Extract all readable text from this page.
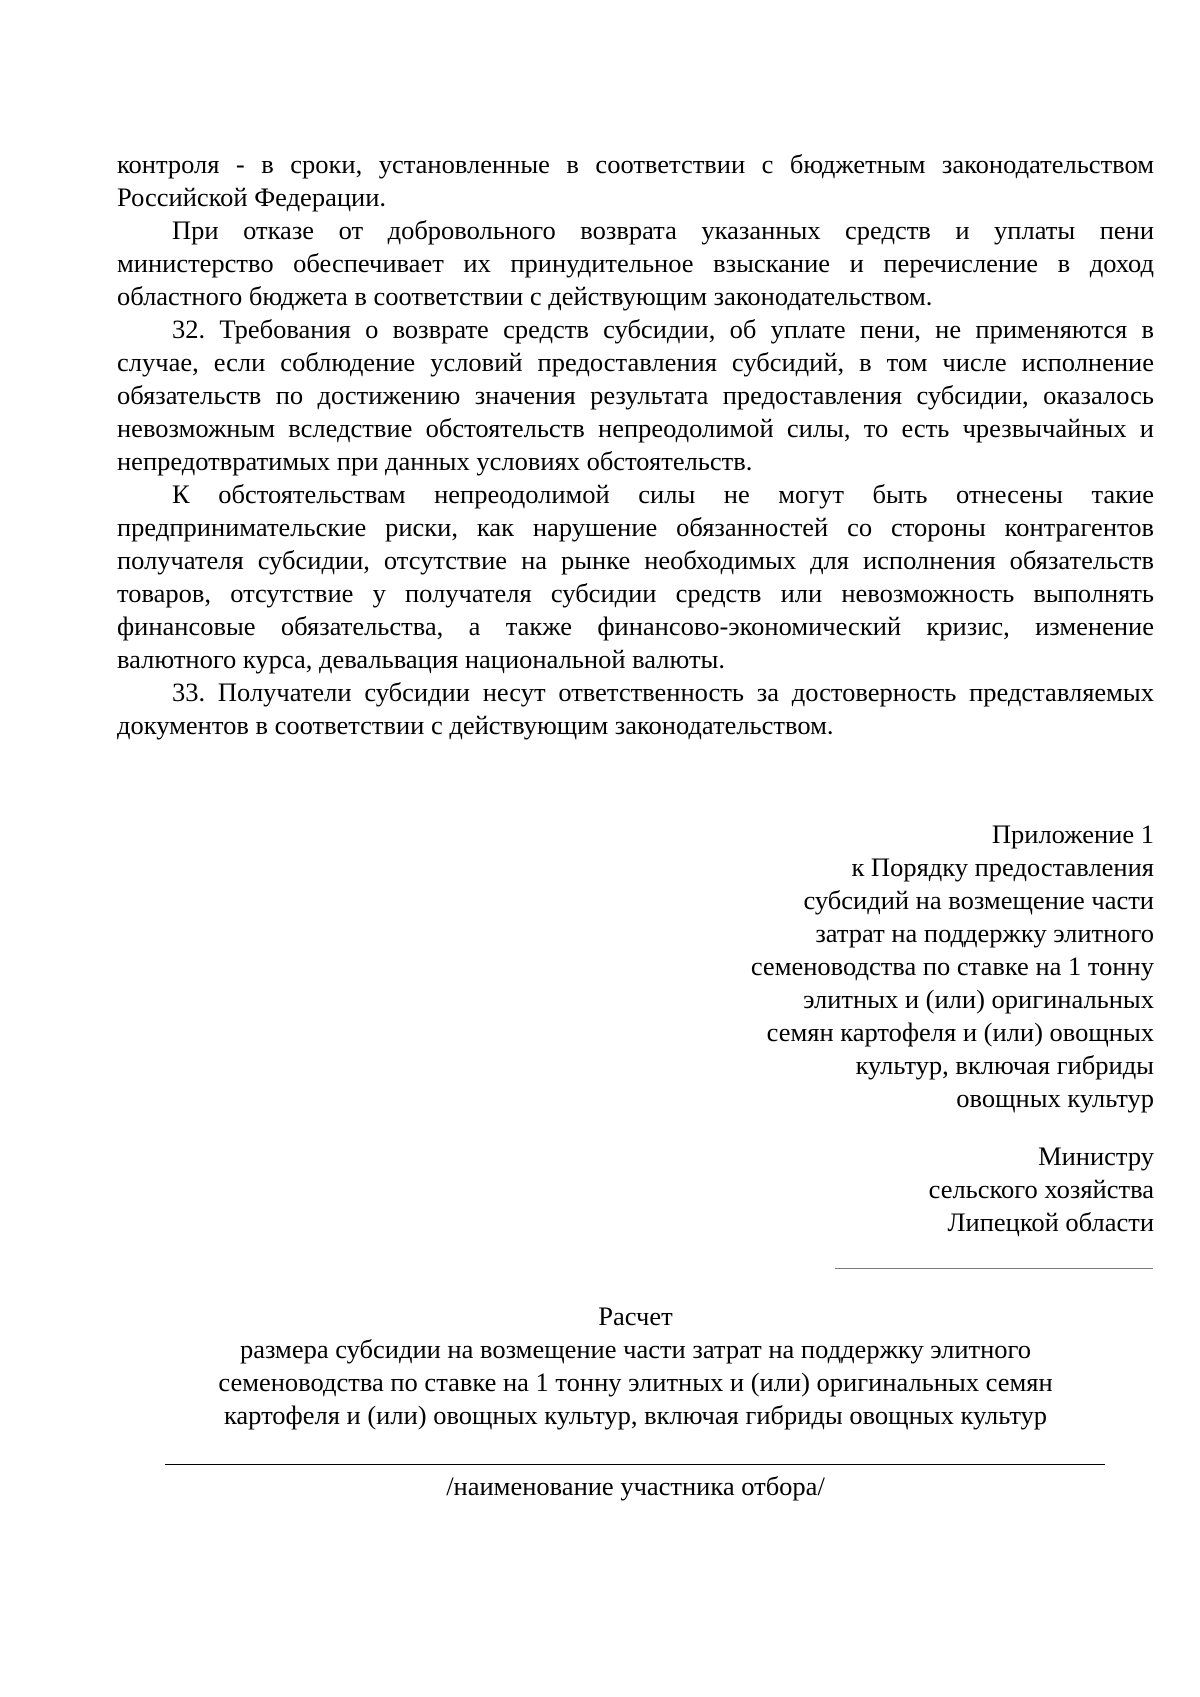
контроля - в сроки, установленные в соответствии с бюджетным законодательством Российской Федерации.

При отказе от добровольного возврата указанных средств и уплаты пени министерство обеспечивает их принудительное взыскание и перечисление в доход областного бюджета в соответствии с действующим законодательством.

32. Требования о возврате средств субсидии, об уплате пени, не применяются в случае, если соблюдение условий предоставления субсидий, в том числе исполнение обязательств по достижению значения результата предоставления субсидии, оказалось невозможным вследствие обстоятельств непреодолимой силы, то есть чрезвычайных и непредотвратимых при данных условиях обстоятельств.

К обстоятельствам непреодолимой силы не могут быть отнесены такие предпринимательские риски, как нарушение обязанностей со стороны контрагентов получателя субсидии, отсутствие на рынке необходимых для исполнения обязательств товаров, отсутствие у получателя субсидии средств или невозможность выполнять финансовые обязательства, а также финансово-экономический кризис, изменение валютного курса, девальвация национальной валюты.

33. Получатели субсидии несут ответственность за достоверность представляемых документов в соответствии с действующим законодательством.

Приложение 1
к Порядку предоставления
субсидий на возмещение части
затрат на поддержку элитного
семеноводства по ставке на 1 тонну
элитных и (или) оригинальных
семян картофеля и (или) овощных
культур, включая гибриды
овощных культур
Министру
сельского хозяйства
Липецкой области
Расчет
размера субсидии на возмещение части затрат на поддержку элитного
семеноводства по ставке на 1 тонну элитных и (или) оригинальных семян
картофеля и (или) овощных культур, включая гибриды овощных культур
/наименование участника отбора/
